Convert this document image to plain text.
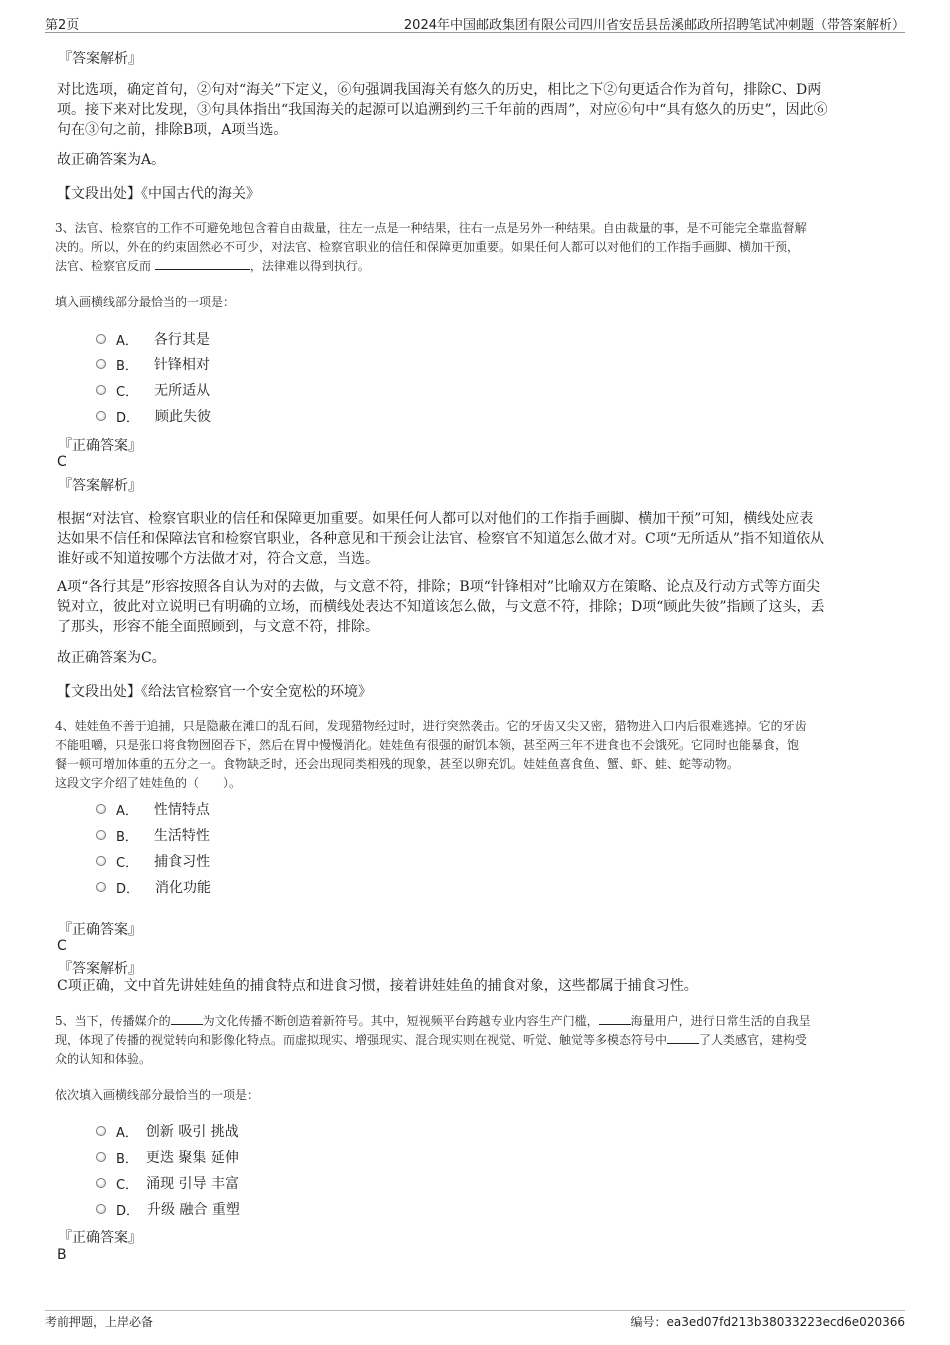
第2页	2024年中国邮政集团有限公司四川省安岳县岳溪邮政所招聘笔试冲刺题（带答案解析）
『答案解析』
对比选项，确定首句，②句对“海关”下定义，⑥句强调我国海关有悠久的历史，相比之下②句更适合作为首句，排除C、D两
项。接下来对比发现，③句具体指出“我国海关的起源可以追溯到约三千年前的西周”，对应⑥句中“具有悠久的历史”，因此⑥
句在③句之前，排除B项，A项当选。
故正确答案为A。
【文段出处】《中国古代的海关》
3、法官、检察官的工作不可避免地包含着自由裁量，往左一点是一种结果，往右一点是另外一种结果。自由裁量的事，是不可能完全靠监督解
决的。所以，外在的约束固然必不可少，对法官、检察官职业的信任和保障更加重要。如果任何人都可以对他们的工作指手画脚、横加干预，
法官、检察官反而	，法律难以得到执行。
填入画横线部分最恰当的一项是：
A． 各行其是
B． 针锋相对
C． 无所适从
D． 顾此失彼
『正确答案』
C
『答案解析』
根据“对法官、检察官职业的信任和保障更加重要。如果任何人都可以对他们的工作指手画脚、横加干预”可知，横线处应表
达如果不信任和保障法官和检察官职业，各种意见和干预会让法官、检察官不知道怎么做才对。C项“无所适从”指不知道依从
谁好或不知道按哪个方法做才对，符合文意，当选。
A项“各行其是”形容按照各自认为对的去做，与文意不符，排除；B项“针锋相对”比喻双方在策略、论点及行动方式等方面尖
锐对立，彼此对立说明已有明确的立场，而横线处表达不知道该怎么做，与文意不符，排除；D项“顾此失彼”指顾了这头，丢
了那头，形容不能全面照顾到，与文意不符，排除。
故正确答案为C。
【文段出处】《给法官检察官一个安全宽松的环境》
4、娃娃鱼不善于追捕，只是隐蔽在滩口的乱石间，发现猎物经过时，进行突然袭击。它的牙齿又尖又密，猎物进入口内后很难逃掉。它的牙齿
不能咀嚼，只是张口将食物囫囵吞下，然后在胃中慢慢消化。娃娃鱼有很强的耐饥本领，甚至两三年不进食也不会饿死。它同时也能暴食，饱
餐一顿可增加体重的五分之一。食物缺乏时，还会出现同类相残的现象，甚至以卵充饥。娃娃鱼喜食鱼、蟹、虾、蛙、蛇等动物。
这段文字介绍了娃娃鱼的（　　）。
A． 性情特点
B． 生活特性
C． 捕食习性
D． 消化功能
『正确答案』
C
『答案解析』
C项正确，文中首先讲娃娃鱼的捕食特点和进食习惯，接着讲娃娃鱼的捕食对象，这些都属于捕食习性。
5、当下，传播媒介的	为文化传播不断创造着新符号。其中，短视频平台跨越专业内容生产门槛，	海量用户，进行日常生活的自我呈
现，体现了传播的视觉转向和影像化特点。而虚拟现实、增强现实、混合现实则在视觉、听觉、触觉等多模态符号中	了人类感官，建构受
众的认知和体验。
依次填入画横线部分最恰当的一项是：
A． 创新 吸引 挑战
B． 更迭 聚集 延伸
C． 涌现 引导 丰富
D． 升级 融合 重塑
『正确答案』
B
考前押题，上岸必备	编号：ea3ed07fd213b38033223ecd6e020366
